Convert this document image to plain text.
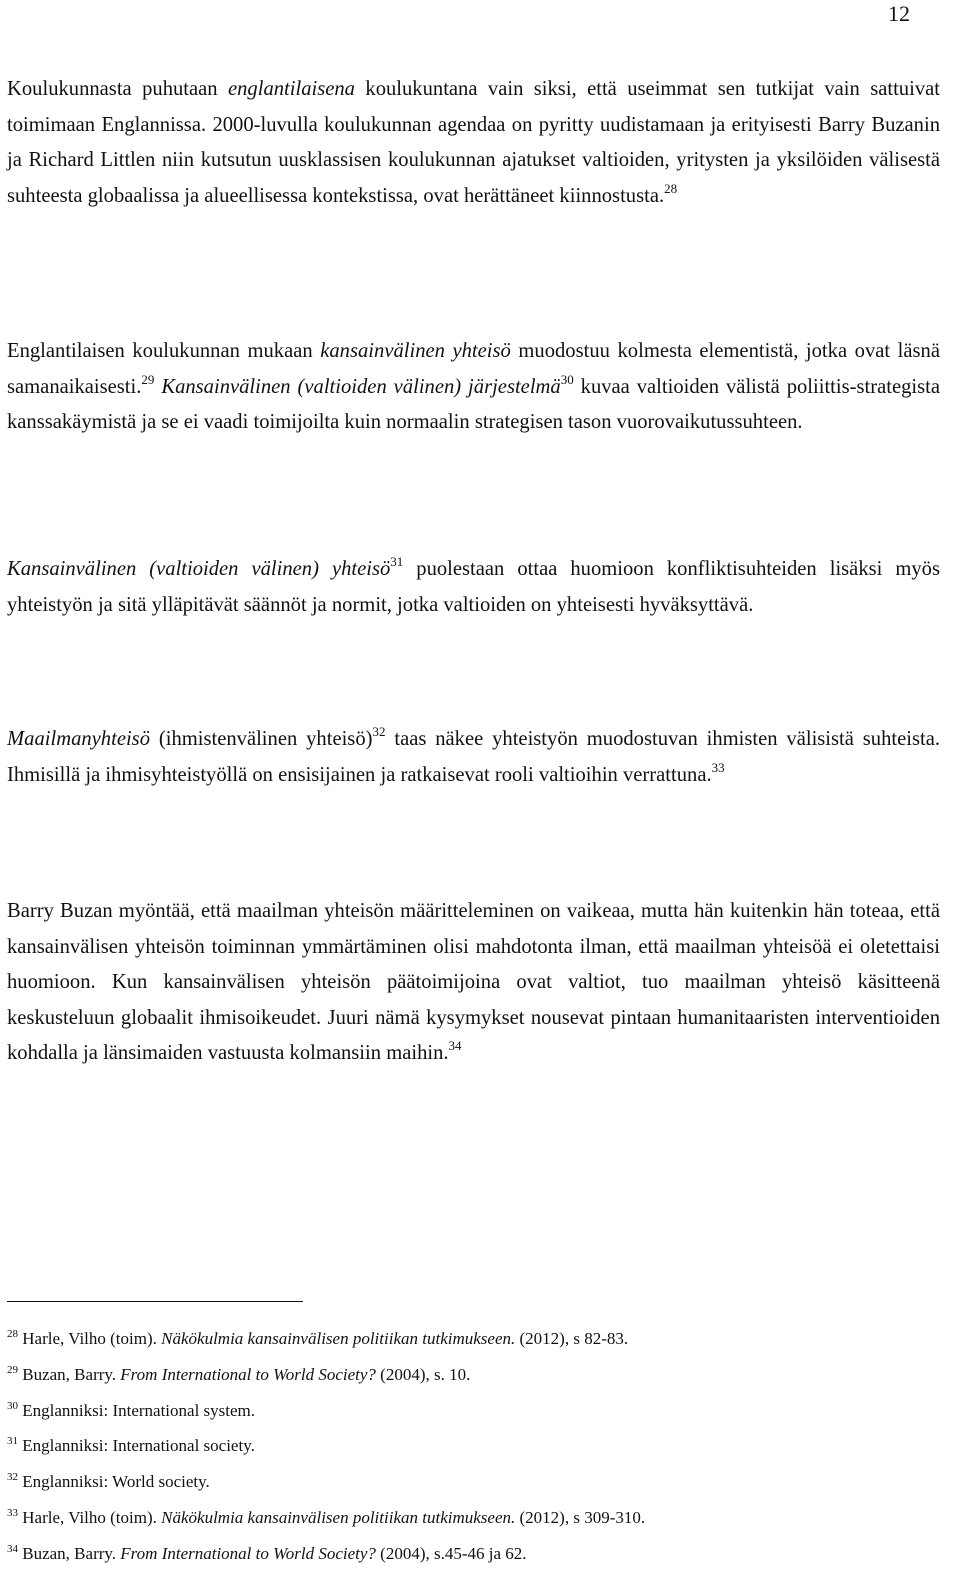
12

Koulukunnasta puhutaan englantilaisena koulukuntana vain siksi, että useimmat sen tutkijat vain sattuivat toimimaan Englannissa. 2000-luvulla koulukunnan agendaa on pyritty uudistamaan ja erityisesti Barry Buzanin ja Richard Littlen niin kutsutun uusklassisen koulukunnan ajatukset valtioiden, yritysten ja yksilöiden välisestä suhteesta globaalissa ja alueellisessa kontekstissa, ovat herättäneet kiinnostusta.$^{28}$

Englantilaisen koulukunnan mukaan kansainvälinen yhteisö muodostuu kolmesta elementistä, jotka ovat läsnä samanaikaisesti.$^{29}$ Kansainvälinen (valtioiden välinen) järjestelmä$^{30}$ kuvaa valtioiden välistä poliittis-strategista kanssakäymistä ja se ei vaadi toimijoilta kuin normaalin strategisen tason vuorovaikutussuhteen.

Kansainvälinen (valtioiden välinen) yhteisö$^{31}$ puolestaan ottaa huomioon konfliktisuhteiden lisäksi myös yhteistyön ja sitä ylläpitävät säännöt ja normit, jotka valtioiden on yhteisesti hyväksyttävä.

Maailmanyhteisö (ihmistenvälinen yhteisö)$^{32}$ taas näkee yhteistyön muodostuvan ihmisten välisistä suhteista. Ihmisillä ja ihmisyhteistyöllä on ensisijainen ja ratkaisevat rooli valtioihin verrattuna.$^{33}$

Barry Buzan myöntää, että maailman yhteisön määritteleminen on vaikeaa, mutta hän kuitenkin hän toteaa, että kansainvälisen yhteisön toiminnan ymmärtäminen olisi mahdotonta ilman, että maailman yhteisöä ei oletettaisi huomioon. Kun kansainvälisen yhteisön päätoimijoina ovat valtiot, tuo maailman yhteisö käsitteenä keskusteluun globaalit ihmisoikeudet. Juuri nämä kysymykset nousevat pintaan humanitaaristen interventioiden kohdalla ja länsimaiden vastuusta kolmansiin maihin.$^{34}$

$^{28}$ Harle, Vilho (toim). Näkökulmia kansainvälisen politiikan tutkimukseen. (2012), s 82-83.

$^{29}$ Buzan, Barry. From International to World Society? (2004), s. 10.

$^{30}$ Englanniksi: International system.

$^{31}$ Englanniksi: International society.

$^{32}$ Englanniksi: World society.

$^{33}$ Harle, Vilho (toim). Näkökulmia kansainvälisen politiikan tutkimukseen. (2012), s 309-310.

$^{34}$ Buzan, Barry. From International to World Society? (2004), s.45-46 ja 62.
